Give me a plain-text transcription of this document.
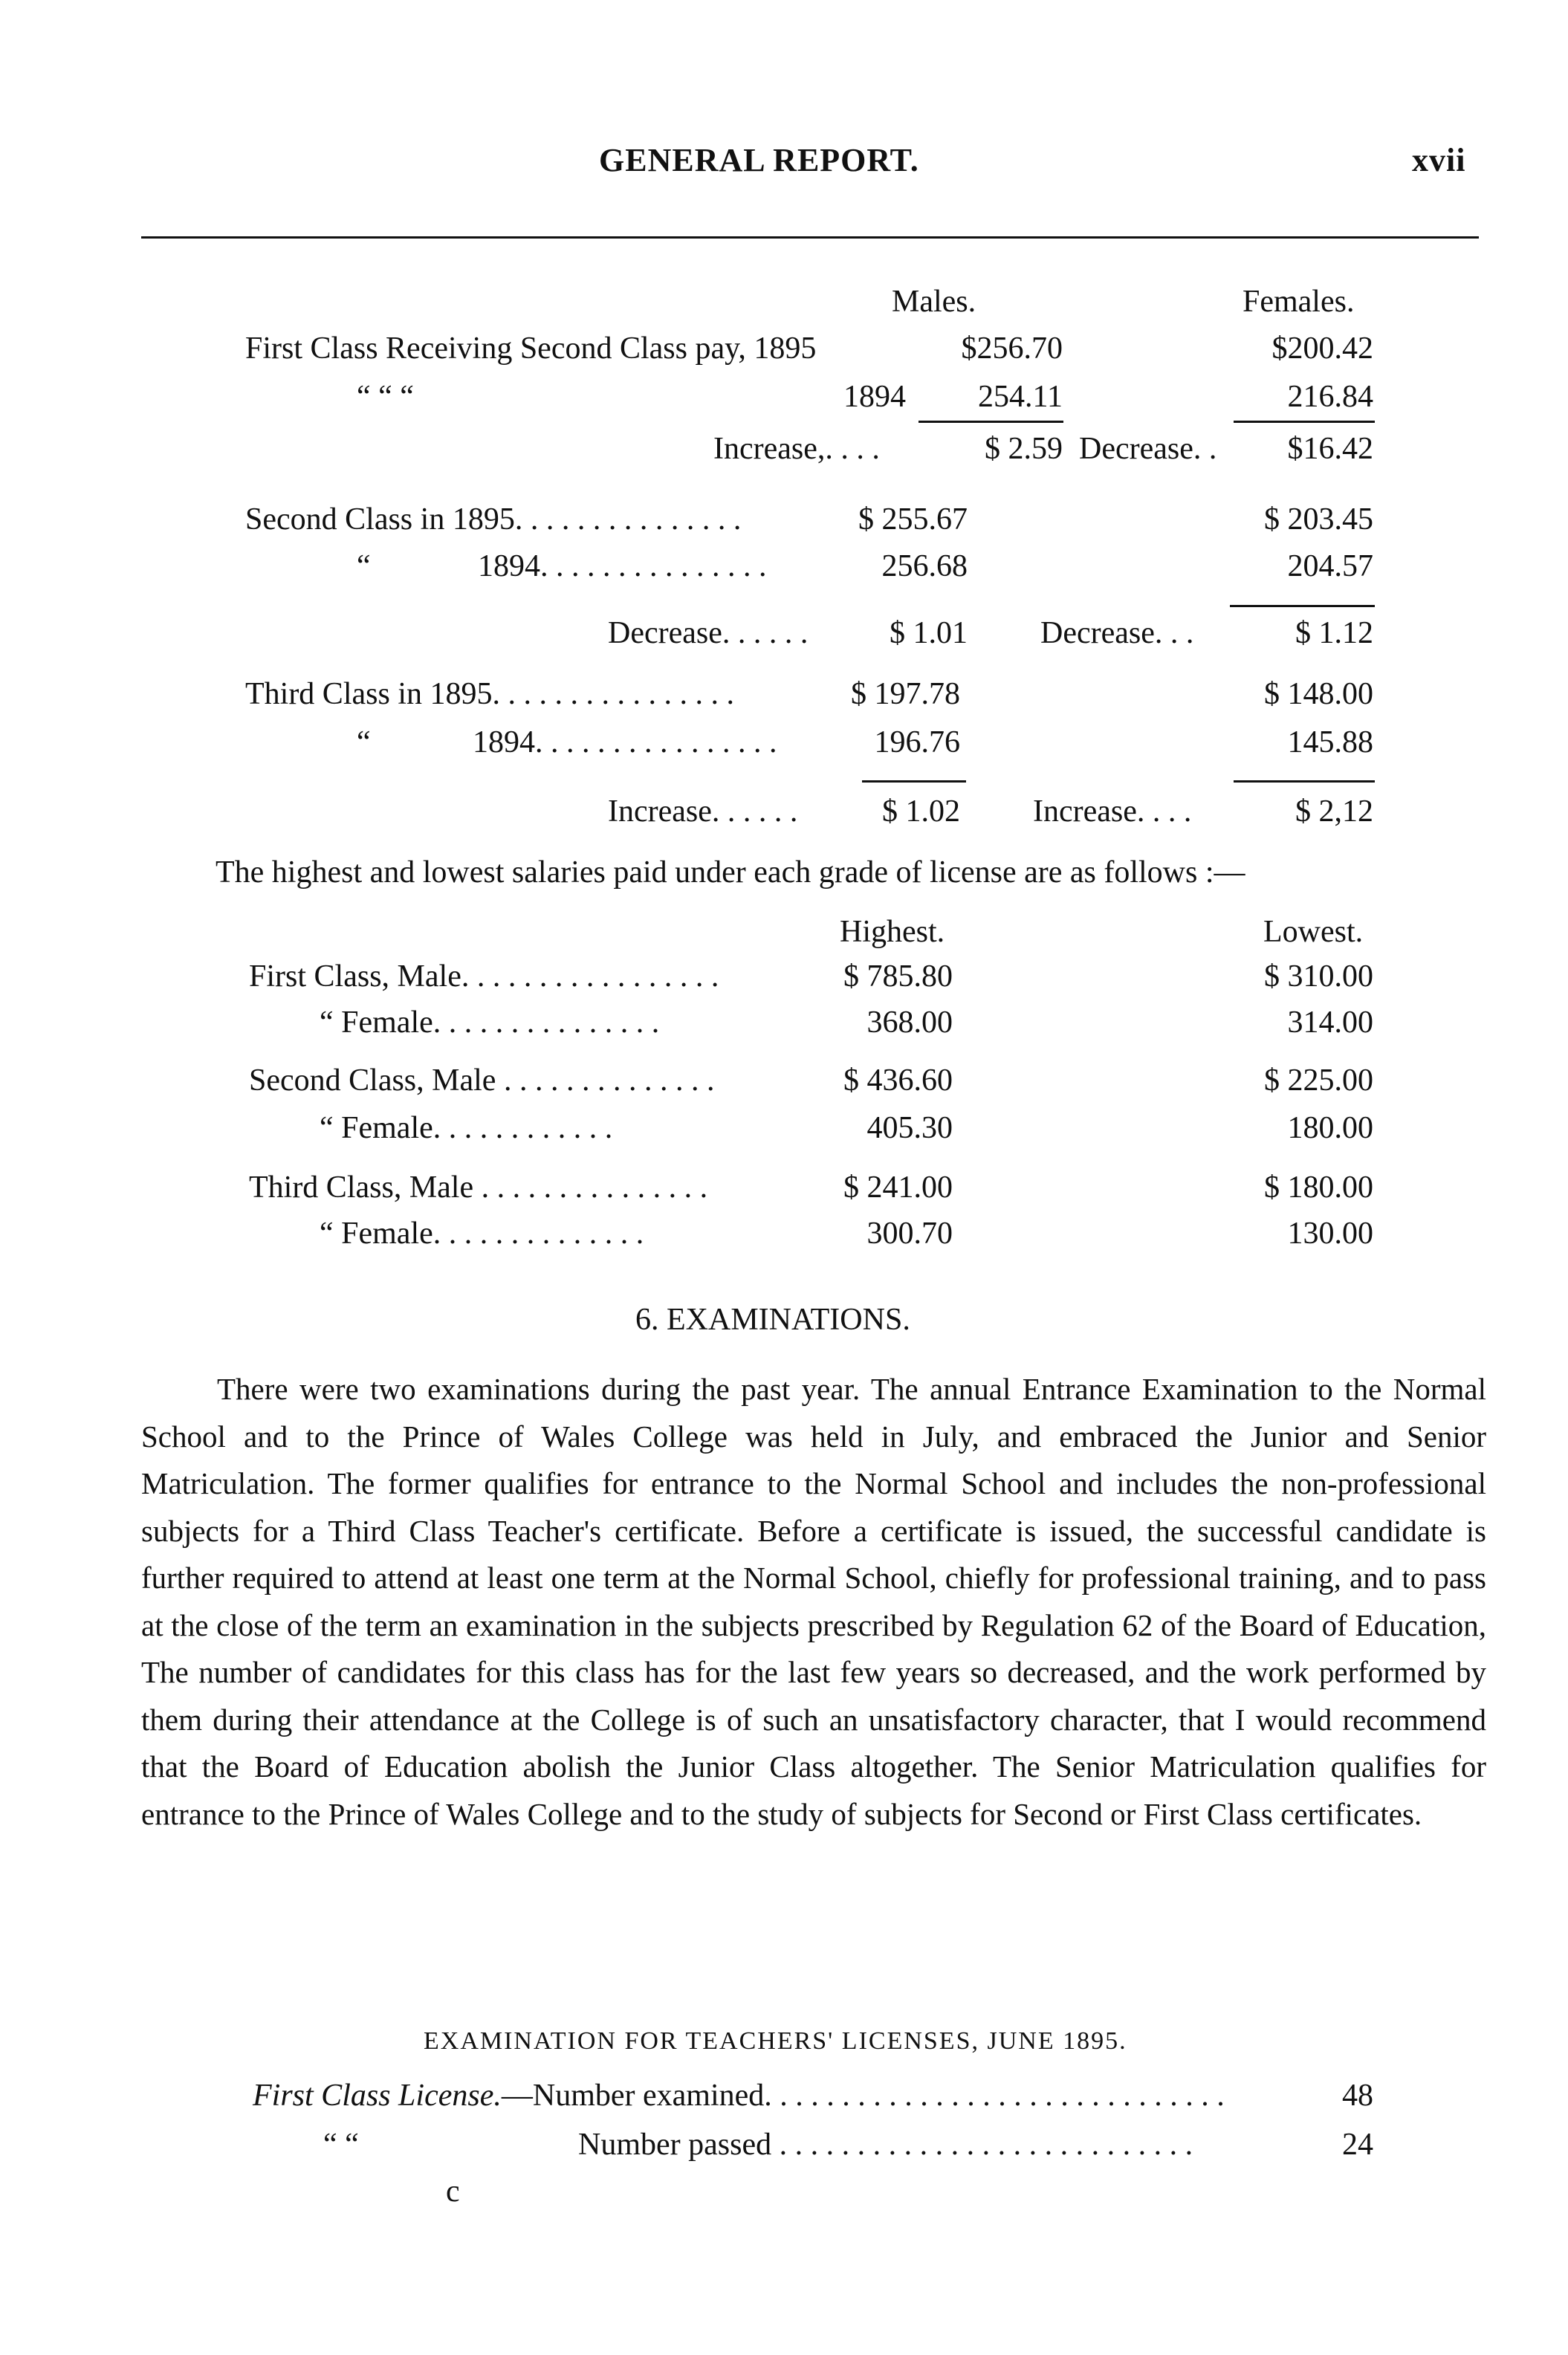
GENERAL REPORT.	xvii
Males.	Females.
First Class Receiving Second Class pay, 1895	$256.70	$200.42
“ “ “	1894	254.11	216.84
Increase,. . . .	$ 2.59 Decrease. . $16.42
Second Class in 1895. . . . . . . . . . . . . . .	$ 255.67	$ 203.45
“	1894. . . . . . . . . . . . . . .	256.68	204.57
Decrease. . . . . .	$ 1.01 Decrease. . .	$ 1.12
Third Class in 1895. . . . . . . . . . . . . . . .	$ 197.78	$ 148.00
“	1894. . . . . . . . . . . . . . . .	196.76	145.88
Increase. . . . . .	$ 1.02 Increase. . . .	$ 2,12
The highest and lowest salaries paid under each grade of license are as follows :—
Highest.	Lowest.
First Class, Male. . . . . . . . . . . . . . . . .	$ 785.80	$ 310.00
“ Female. . . . . . . . . . . . . . .	368.00	314.00
Second Class, Male . . . . . . . . . . . . . .	$ 436.60	$ 225.00
“ Female. . . . . . . . . . . .	405.30	180.00
Third Class, Male . . . . . . . . . . . . . . .	$ 241.00	$ 180.00
“ Female. . . . . . . . . . . . . .	300.70	130.00
6. EXAMINATIONS.

There were two examinations during the past year. The annual Entrance Examination to the Normal School and to the Prince of Wales College was held in July, and embraced the Junior and Senior Matriculation. The former qualifies for entrance to the Normal School and includes the non-professional subjects for a Third Class Teacher's certificate. Before a certificate is issued, the successful candidate is further required to attend at least one term at the Normal School, chiefly for professional training, and to pass at the close of the term an examination in the subjects prescribed by Regulation 62 of the Board of Education, The number of candidates for this class has for the last few years so decreased, and the work performed by them during their attendance at the College is of such an unsatisfactory character, that I would recommend that the Board of Education abolish the Junior Class altogether. The Senior Matriculation qualifies for entrance to the Prince of Wales College and to the study of subjects for Second or First Class certificates.

EXAMINATION FOR TEACHERS' LICENSES, JUNE 1895.
First Class License.—Number examined. . . . . . . . . . . . . . . . . . . . . . . . . . . . . .	48
“ “	Number passed . . . . . . . . . . . . . . . . . . . . . . . . . . .	24
c
